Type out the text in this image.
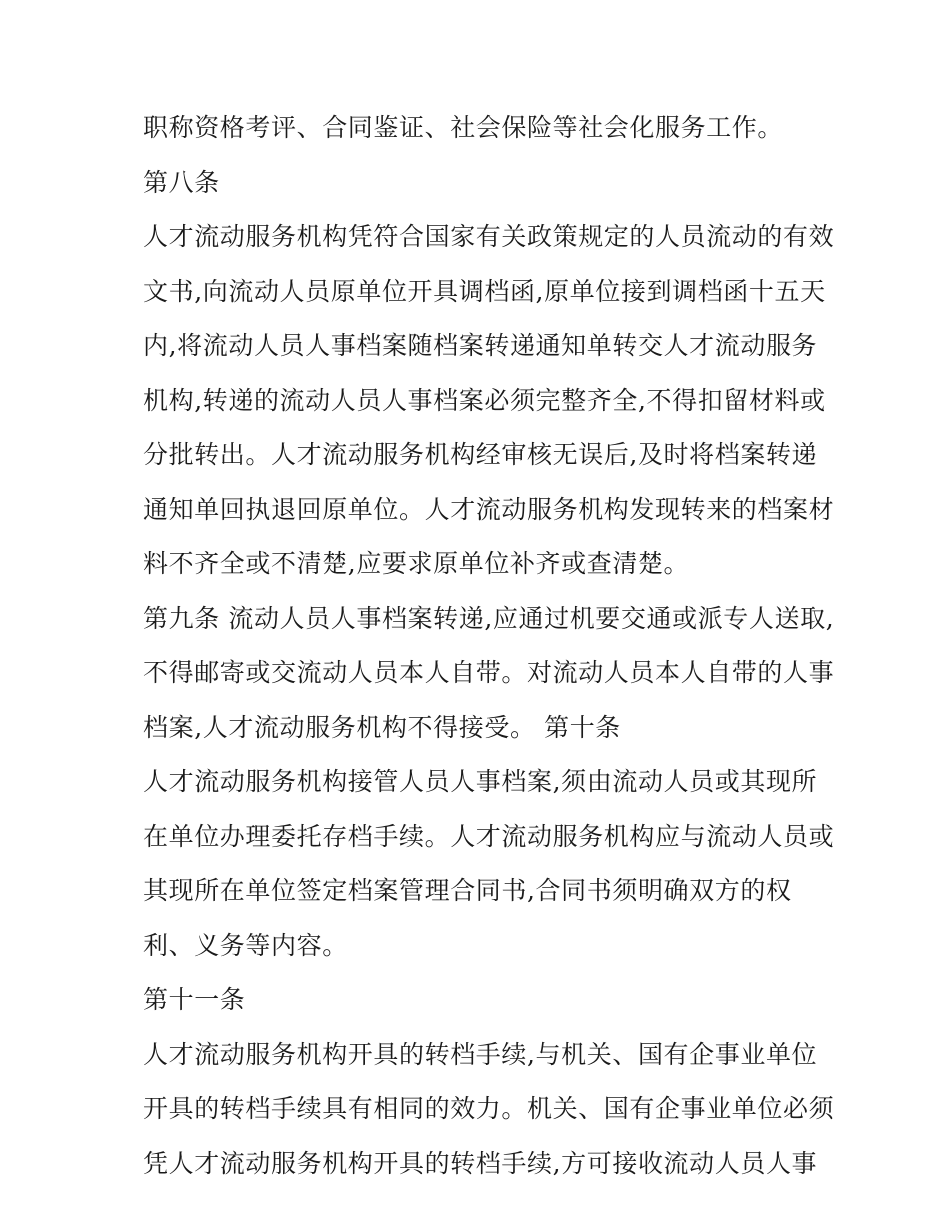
职称资格考评、合同鉴证、社会保险等社会化服务工作。
第八条
人才流动服务机构凭符合国家有关政策规定的人员流动的有效
文书,向流动人员原单位开具调档函,原单位接到调档函十五天
内,将流动人员人事档案随档案转递通知单转交人才流动服务
机构,转递的流动人员人事档案必须完整齐全,不得扣留材料或
分批转出。人才流动服务机构经审核无误后,及时将档案转递
通知单回执退回原单位。人才流动服务机构发现转来的档案材
料不齐全或不清楚,应要求原单位补齐或查清楚。
第九条 流动人员人事档案转递,应通过机要交通或派专人送取,
不得邮寄或交流动人员本人自带。对流动人员本人自带的人事
档案,人才流动服务机构不得接受。 第十条
人才流动服务机构接管人员人事档案,须由流动人员或其现所
在单位办理委托存档手续。人才流动服务机构应与流动人员或
其现所在单位签定档案管理合同书,合同书须明确双方的权
利、义务等内容。
第十一条
人才流动服务机构开具的转档手续,与机关、国有企事业单位
开具的转档手续具有相同的效力。机关、国有企事业单位必须
凭人才流动服务机构开具的转档手续,方可接收流动人员人事
